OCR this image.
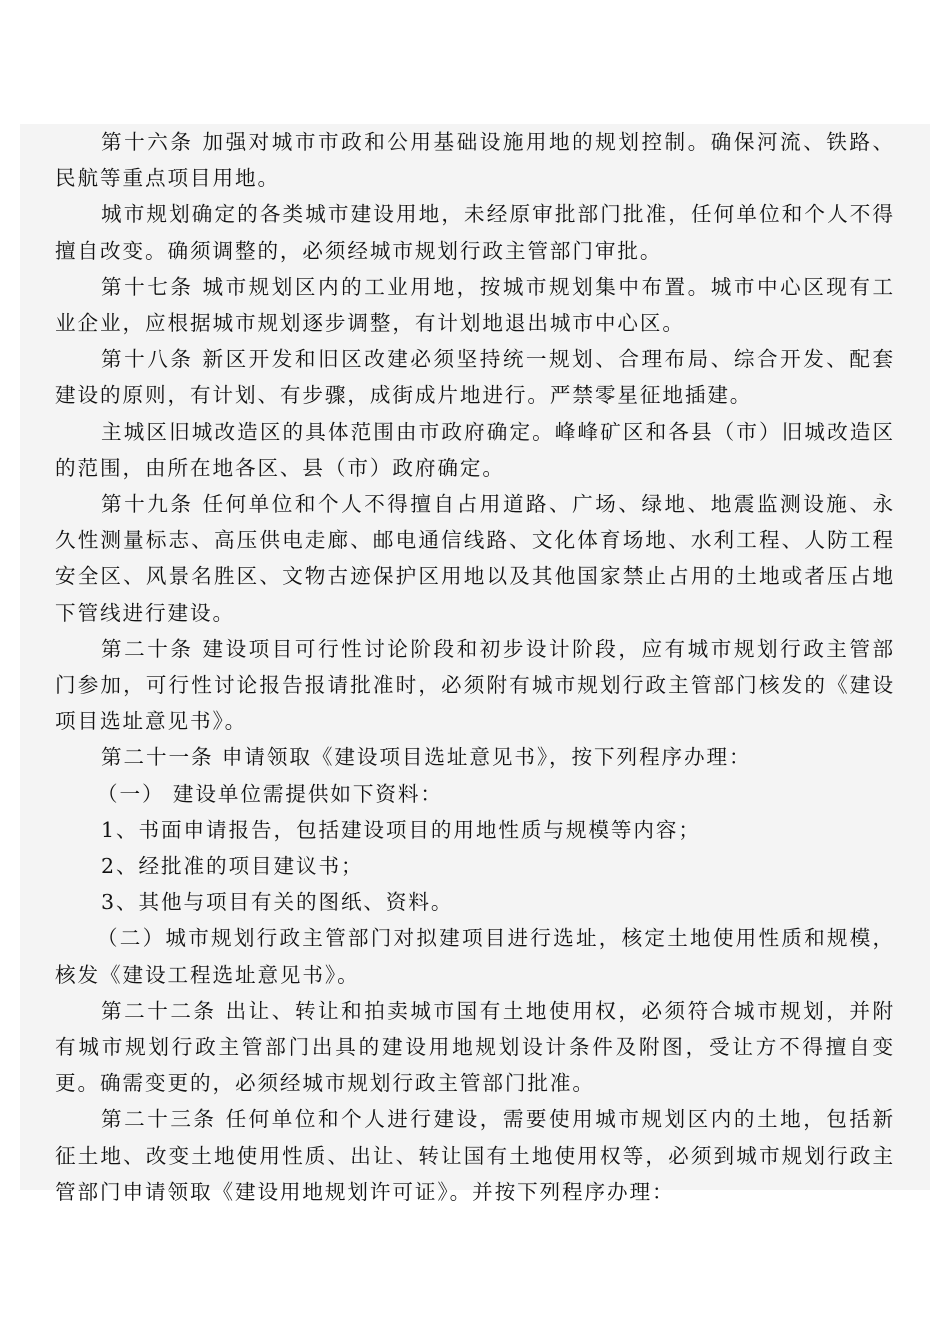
第十六条 加强对城市市政和公用基础设施用地的规划控制。确保河流、铁路、民航等重点项目用地。

城市规划确定的各类城市建设用地，未经原审批部门批准，任何单位和个人不得擅自改变。确须调整的，必须经城市规划行政主管部门审批。

第十七条 城市规划区内的工业用地，按城市规划集中布置。城市中心区现有工业企业，应根据城市规划逐步调整，有计划地退出城市中心区。

第十八条 新区开发和旧区改建必须坚持统一规划、合理布局、综合开发、配套建设的原则，有计划、有步骤，成街成片地进行。严禁零星征地插建。

主城区旧城改造区的具体范围由市政府确定。峰峰矿区和各县（市）旧城改造区的范围，由所在地各区、县（市）政府确定。

第十九条 任何单位和个人不得擅自占用道路、广场、绿地、地震监测设施、永久性测量标志、高压供电走廊、邮电通信线路、文化体育场地、水利工程、人防工程安全区、风景名胜区、文物古迹保护区用地以及其他国家禁止占用的土地或者压占地下管线进行建设。

第二十条 建设项目可行性讨论阶段和初步设计阶段，应有城市规划行政主管部门参加，可行性讨论报告报请批准时，必须附有城市规划行政主管部门核发的《建设项目选址意见书》。

第二十一条 申请领取《建设项目选址意见书》，按下列程序办理：

（一） 建设单位需提供如下资料：

1、书面申请报告，包括建设项目的用地性质与规模等内容；

2、经批准的项目建议书；

3、其他与项目有关的图纸、资料。

（二）城市规划行政主管部门对拟建项目进行选址，核定土地使用性质和规模，核发《建设工程选址意见书》。

第二十二条 出让、转让和拍卖城市国有土地使用权，必须符合城市规划，并附有城市规划行政主管部门出具的建设用地规划设计条件及附图，受让方不得擅自变更。确需变更的，必须经城市规划行政主管部门批准。

第二十三条 任何单位和个人进行建设，需要使用城市规划区内的土地，包括新征土地、改变土地使用性质、出让、转让国有土地使用权等，必须到城市规划行政主管部门申请领取《建设用地规划许可证》。并按下列程序办理：
